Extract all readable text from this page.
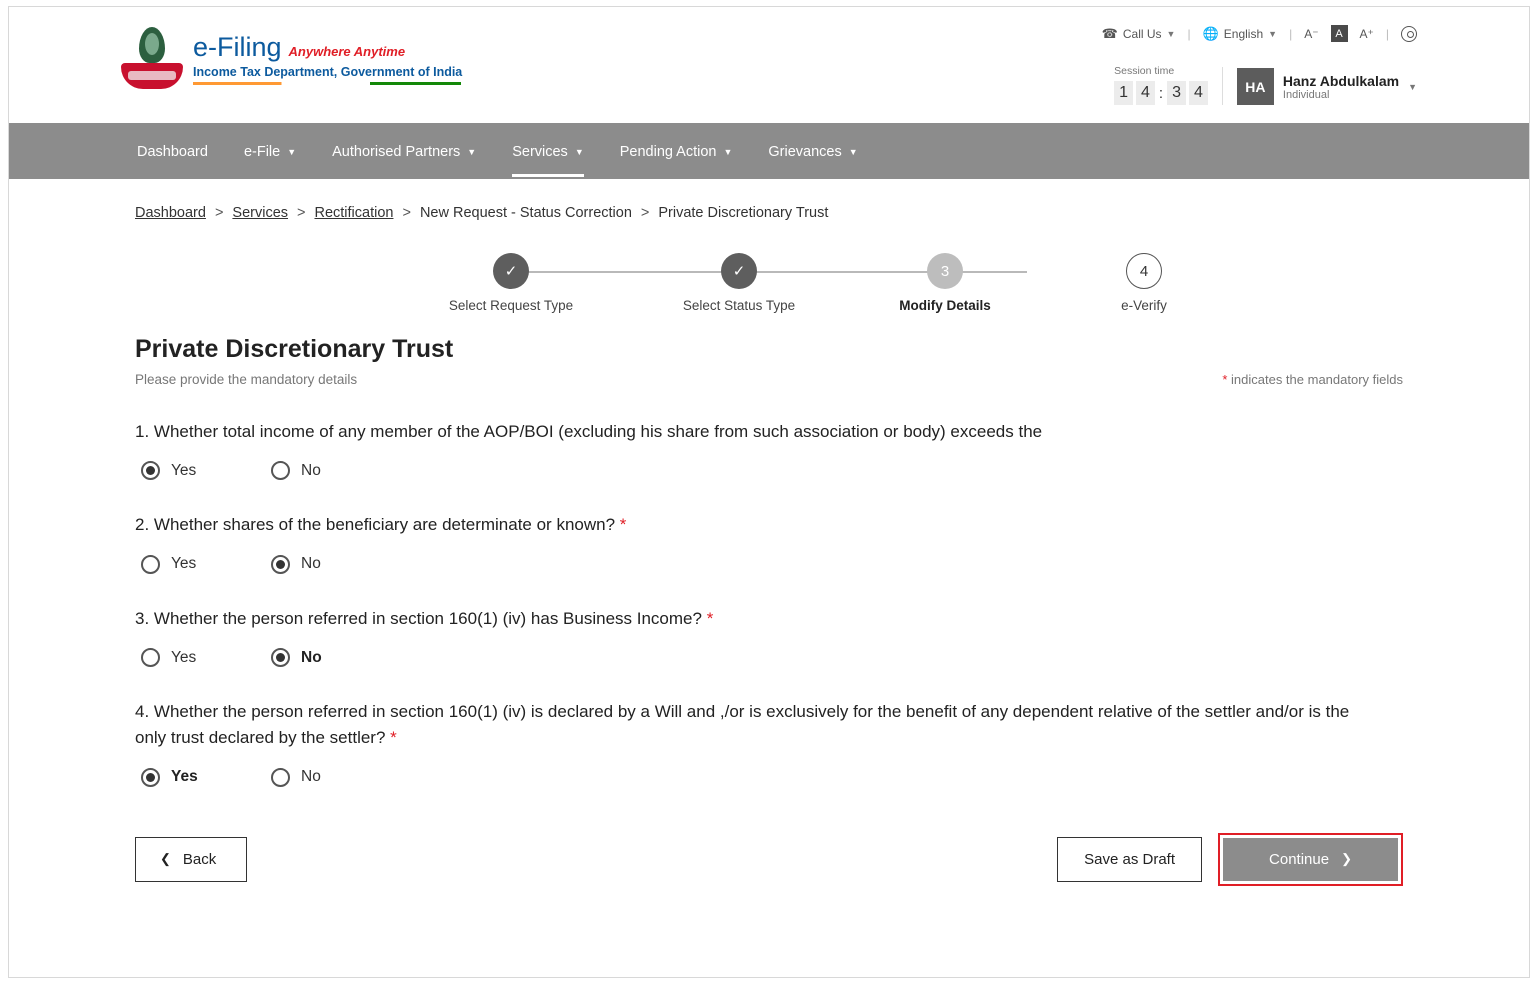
e-Filing Anywhere Anytime
Income Tax Department, Government of India
☎ Call Us ▼ | 🌐 English ▼ | A⁻	A	A⁺ |
Session time
1 4 : 3 4	HA	Hanz Abdulkalam
Individual
▼
Dashboard e-File ▼ Authorised Partners ▼ Services ▼ Pending Action ▼ Grievances ▼
Dashboard > Services > Rectification > New Request - Status Correction > Private Discretionary Trust
✓
Select Request Type
✓
Select Status Type
3
Modify Details
4
e-Verify
Private Discretionary Trust
Please provide the mandatory details	* indicates the mandatory fields
1. Whether total income of any member of the AOP/BOI (excluding his share from such association or body) exceeds the
Yes	No
2. Whether shares of the beneficiary are determinate or known? *
Yes	No
3. Whether the person referred in section 160(1) (iv) has Business Income? *
Yes	No
4. Whether the person referred in section 160(1) (iv) is declared by a Will and ,/or is exclusively for the benefit of any dependent relative of the settler and/or is the only trust declared by the settler? *
Yes	No
❮ Back	Save as Draft	Continue ❯
